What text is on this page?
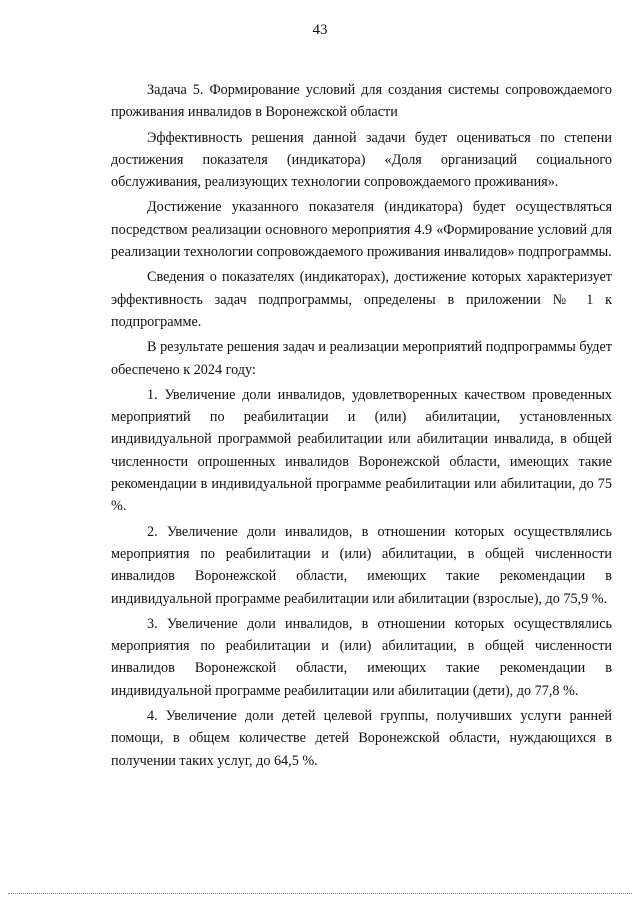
43

Задача 5. Формирование условий для создания системы сопровождаемого проживания инвалидов в Воронежской области

Эффективность решения данной задачи будет оцениваться по степени достижения показателя (индикатора) «Доля организаций социального обслуживания, реализующих технологии сопровождаемого проживания».

Достижение указанного показателя (индикатора) будет осуществляться посредством реализации основного мероприятия 4.9 «Формирование условий для реализации технологии сопровождаемого проживания инвалидов» подпрограммы.

Сведения о показателях (индикаторах), достижение которых характеризует эффективность задач подпрограммы, определены в приложении № 1 к подпрограмме.

В результате решения задач и реализации мероприятий подпрограммы будет обеспечено к 2024 году:

1. Увеличение доли инвалидов, удовлетворенных качеством проведенных мероприятий по реабилитации и (или) абилитации, установленных индивидуальной программой реабилитации или абилитации инвалида, в общей численности опрошенных инвалидов Воронежской области, имеющих такие рекомендации в индивидуальной программе реабилитации или абилитации, до 75 %.

2. Увеличение доли инвалидов, в отношении которых осуществлялись мероприятия по реабилитации и (или) абилитации, в общей численности инвалидов Воронежской области, имеющих такие рекомендации в индивидуальной программе реабилитации или абилитации (взрослые), до 75,9 %.

3. Увеличение доли инвалидов, в отношении которых осуществлялись мероприятия по реабилитации и (или) абилитации, в общей численности инвалидов Воронежской области, имеющих такие рекомендации в индивидуальной программе реабилитации или абилитации (дети), до 77,8 %.

4. Увеличение доли детей целевой группы, получивших услуги ранней помощи, в общем количестве детей Воронежской области, нуждающихся в получении таких услуг, до 64,5 %.
